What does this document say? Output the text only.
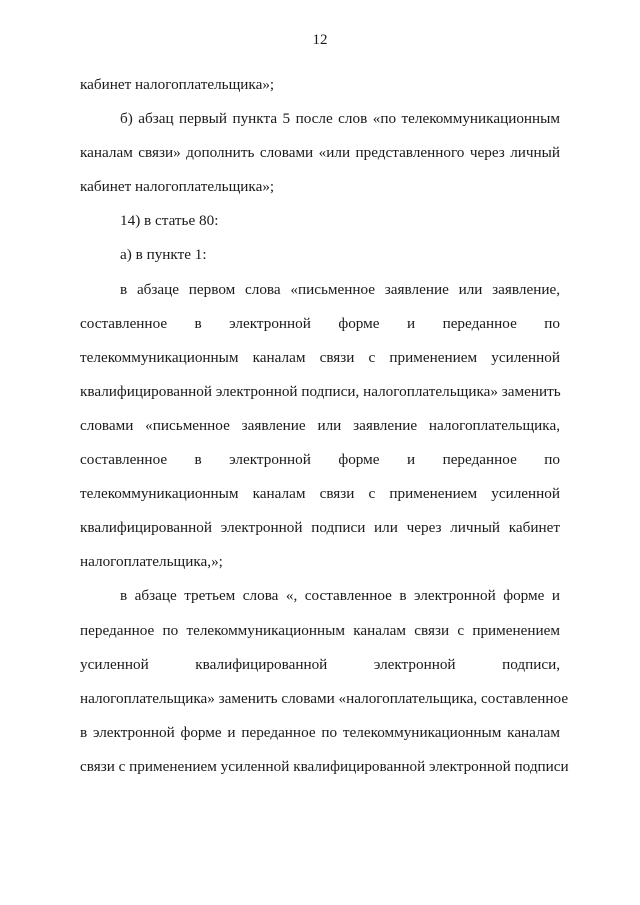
12
кабинет налогоплательщика»;
б) абзац первый пункта 5 после слов «по телекоммуникационным
каналам связи» дополнить словами «или представленного через личный
кабинет налогоплательщика»;
14) в статье 80:
а) в пункте 1:
в абзаце первом слова «письменное заявление или заявление,
составленное в электронной форме и переданное по
телекоммуникационным каналам связи с применением усиленной
квалифицированной электронной подписи, налогоплательщика» заменить
словами «письменное заявление или заявление налогоплательщика,
составленное в электронной форме и переданное по
телекоммуникационным каналам связи с применением усиленной
квалифицированной электронной подписи или через личный кабинет
налогоплательщика,»;
в абзаце третьем слова «, составленное в электронной форме и
переданное по телекоммуникационным каналам связи с применением
усиленной квалифицированной электронной подписи,
налогоплательщика» заменить словами «налогоплательщика, составленное
в электронной форме и переданное по телекоммуникационным каналам
связи с применением усиленной квалифицированной электронной подписи
